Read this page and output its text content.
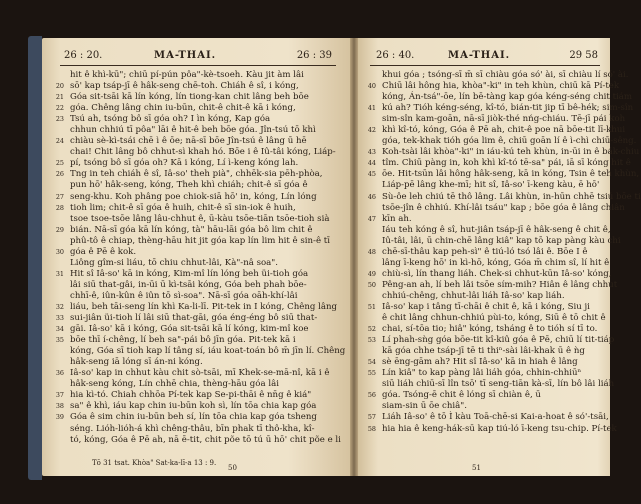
26 : 20.	MA-THAI.	26 : 39
hit ê khì-kū"; chiū pí-pún pôa"-kè-tsoeh. Kàu jit àm lâi
20 sō' kap tsáp-jī ê hâk-seng chē-toh. Chiáh ê sî, i kóng,
21 Góa sit-tsāi kā lín kóng, lín tiong-kan chit lâng beh bōe
22 góa. Chêng lâng chin iu-būn, chit-ê chit-ê kā i kóng,
23 Tsú ah, tsóng bô sī góa oh? I ìn kóng, Kap góa
chhun chhiú tī pôa" lāi ê hit-ê beh bōe góa. Jîn-tsú tō khì
24 chiàu sè-kì-tsái chē ì ê ōe; nā-sī bōe Jîn-tsú ê lâng ū hē
chai! Chit lâng bô chhut-sì khah hó. Bōe i ê Iû-tâi kóng, Liáp-
25 pí, tsóng bô sī góa oh? Kā i kóng, Lí ì-keng kóng lah.
26 Tng in teh chiáh ê sî, Iâ-so' theh pià", chhēk-sia pēh-phòa,
pun hō' hâk-seng, kóng, Theh khì chiáh; chit-ê sī góa ê
27 seng-khu. Koh phâng poe chiok-siā hō' in, kóng, Lín lóng
28 tioh lim; chit-ê sī góa ê huih, chit-ê sī sin-iok ê huih,
tsoe tsoe-tsōe lâng lâu-chhut ê, ū-kàu tsōe-tiān tsōe-tioh sià
29 bián. Nā-sī góa kā lín kóng, tà" hāu-lāi góa bô lim chit ê
phû-tô ê chiap, thèng-hāu hit jit góa kap lín lim hit ê sin-ê tī
30 góa ê Pē ê kok.
Liông gîm-si liáu, tō chiu chhut-lâi, Kà"-nâ soa".
31 Hit sî Iâ-so' kā in kóng, Kim-mî lín lóng beh üi-tioh góa
lâi siū that-gâi, in-ūi ū kì-tsāi kóng, Góa beh phah bōe-
chhī-ê, iûn-kûn ê iûn tō sì-soa". Nā-sī góa oāh-khí-lâi
32 liáu, beh tāi-seng lín khì Ka-li-lī. Pit-tek in I kóng, Chêng lâng
33 sui-jiân üi-tioh lí lâi siū that-gāi, góa éng-éng bô siū that-
34 gāi. Iâ-so' kā i kóng, Góa sit-tsāi kā lí kóng, kim-mî koe
35 bōe thī í-chêng, lí beh sa"-pái bô jīn góa. Pit-tek kā i
kóng, Góa sī tioh kap lí tâng sí, iáu koat-toán bô m̄ jīn lí. Chêng
hâk-seng iā lóng sī án-ni kóng.
36 Iâ-so' kap in chhut kàu chit sò-tsāi, mī Khek-se-mā-nî, kā i ê
hâk-seng kóng, Lín chhē chia, thèng-hāu góa lâi
37 hia kì-tó. Chiah chhōa Pí-tek kap Se-pi-thāi ê nn̄g ê kiá"
38 sa" ê khì, iáu kap chin iu-būn koh sì, lín tōa chia kap góa
39 Góa ê sim chin iu-būn beh sí, lín tōa chia kap góa tsheng
séng. Lióh-lióh-á khì chêng-thâu, bīn phak tī thô-kha, kî-
tó, kóng, Góa ê Pē ah, nā ē-tit, chit põe tō tú ū hō' chit põe e li
Tō 31 tsat. Khòa" Sat-ka-lī-a 13 : 9.
50
26 : 40.	MA-THAI.	29 58
khui góa ; tsóng-sī m̄ sī chiàu góa só' ài, sī chiàu lí só' ài.
40 Chiū lâi hông hia, khòa"-ki" in teh khùn, chiū kā Pí-tek
kóng, Án-tsá"-ōe, lín bē-tàng kap góa kéng-séng chit tiám
41 kú ah? Tióh kéng-séng, kî-tó, bián-tit jip tī bê-hék; sim-sîn
sim-sîn kam-goān, nā-sī jiòk-thé nńg-chiáu. Tē-jī pái koh
42 khì kî-tó, kóng, Góa ê Pē ah, chit-ê poe nā bōe-tit lī-khui
góa, tek-khak tióh góa lim ê, chiū goān lí ê ì-chì chiū-sêng.
43 Koh-tsài lâi khòa"-ki" in iáu-kú teh khùn, in-ūi in ê bák-chiu
44 tîm. Chiū pàng in, koh khì kî-tó tē-sa" pái, iā sī kóng hit ê
45 ōe. Hit-tsūn lâi hông hâk-seng, kā in kóng, Tsin ê teh khùn,
Liáp-pē lâng khe-mī; hit sî, Iâ-so' ī-keng kàu, ē hō'
46 Sù-ôe leh chiú tē thô lâng. Lâi khùn, in-hūn chhē tsiú bōe ti
tsōe-jîn ê chhiú. Khí-lâi tsáu" kap ; bōe góa ê lâng chiân
47 kīn ah.
Iáu teh kóng ê sî, hut-jiân tsáp-jī ê hâk-seng ê chit ê,
Iû-tâi, lâi, ū chin-chē lâng kiâ" kap tō kap pàng kàu chi
48 chē-sī-thâu kap peh-sì" ê tiú-ló tsó lâi ê. Bōe I ê
lâng ī-keng hō' in kì-hō, kóng, Góa m̄ chim sî, lí hit ê
49 chiù-sì, lín thang liáh. Chek-si chhut-kūn Iâ-so' kóng,
50 Pêng-an ah, lí beh lâi tsōe sím-mih? Hiân ê lâng chhut
chhiú-chêng, chhut-lâi liáh Iâ-so' kap liáh.
51 Iâ-so' kap i tâng tī-chāi ê chit ê, kā i kóng, Siu ji
ê chit lâng chhun-chhiú pùi-to, kóng, Siū ê tō chit ê
52 chai, sí-tōa tio; hiâ" kóng, tsháng ê to tióh sí tī to.
53 Lí phah-sǹg góa bōe-tit kî-kiû góa ê Pē, chiū lí tit-tiáp
kā góa chhe tsáp-jī tē ti thiⁿ-sài lâi-khak ū ê ǹg
54 sè ēng-gām ah? Hit sî Iâ-so' kā in hiah ê lâng
55 Lín kiâ" to kap pàng lâi liáh góa, chhin-chhiūⁿ
siū liáh chiū-sī lîn tsō' tī seng-tiān kà-sī, lín bô lâi liáh
56 góa. Tsóng-ē chit ê lóng sī chiàn ê, ū
siam-sin ū ōe chiâ".
57 Liáh Iâ-so' ê tō Ì kàu Toā-chē-si Kai-a-hoat ê só'-tsāi,
58 hia hia ê keng-hák-sū kap tiú-ló ī-keng tsu-chip. Pí-tek
51
